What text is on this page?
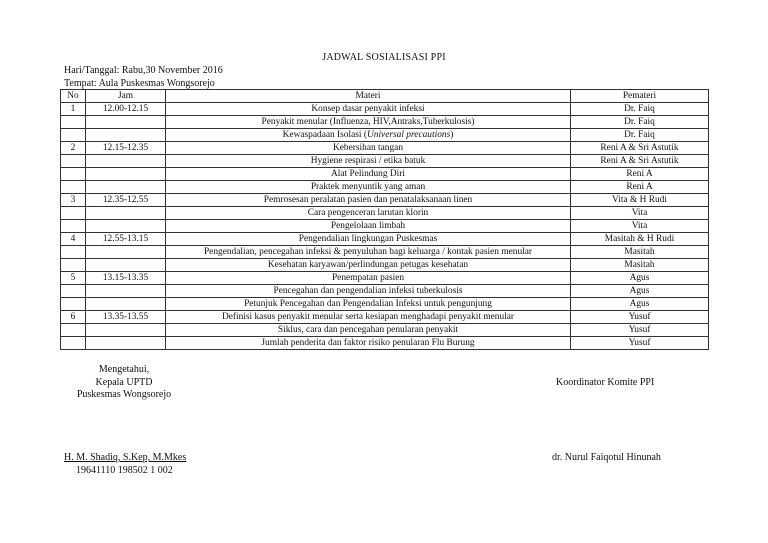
JADWAL SOSIALISASI PPI
Hari/Tanggal: Rabu,30 November 2016
Tempat: Aula Puskesmas Wongsorejo
No	Jam	Materi	Pemateri
1	12.00-12.15	Konsep dasar penyakit infeksi	Dr. Faiq
		Penyakit menular (Influenza, HIV,Antraks,Tuberkulosis)	Dr. Faiq
		Kewaspadaan Isolasi (Universal precautions)	Dr. Faiq
2	12.15-12.35	Kebersihan tangan	Reni A & Sri Astutik
		Hygiene respirasi / etika batuk	Reni A & Sri Astutik
		Alat Pelindung Diri	Reni A
		Praktek menyuntik yang aman	Reni A
3	12.35-12.55	Pemrosesan peralatan pasien dan penatalaksanaan linen	Vita & H Rudi
		Cara pengenceran larutan klorin	Vita
		Pengelolaan limbah	Vita
4	12.55-13.15	Pengendalian lingkungan Puskesmas	Masitah & H Rudi
		Pengendalian, pencegahan infeksi & penyuluhan bagi keluarga / kontak pasien menular	Masitah
		Kesehatan karyawan/perlindungan petugas kesehatan	Masitah
5	13.15-13.35	Penempatan pasien	Agus
		Pencegahan dan pengendalian infeksi tuberkulosis	Agus
		Petunjuk Pencegahan dan Pengendalian Infeksi untuk pengunjung	Agus
6	13.35-13.55	Definisi kasus penyakit menular serta kesiapan menghadapi penyakit menular	Yusuf
		Siklus, cara dan pencegahan penularan penyakit	Yusuf
		Jumlah penderita dan faktor risiko penularan Flu Burung	Yusuf
Mengetahui,
Kepala UPTD
Puskesmas Wongsorejo
Koordinator Komite PPI
H. M. Shadiq, S.Kep, M.Mkes
19641110 198502 1 002
dr. Nurul Faiqotul Hinunah
